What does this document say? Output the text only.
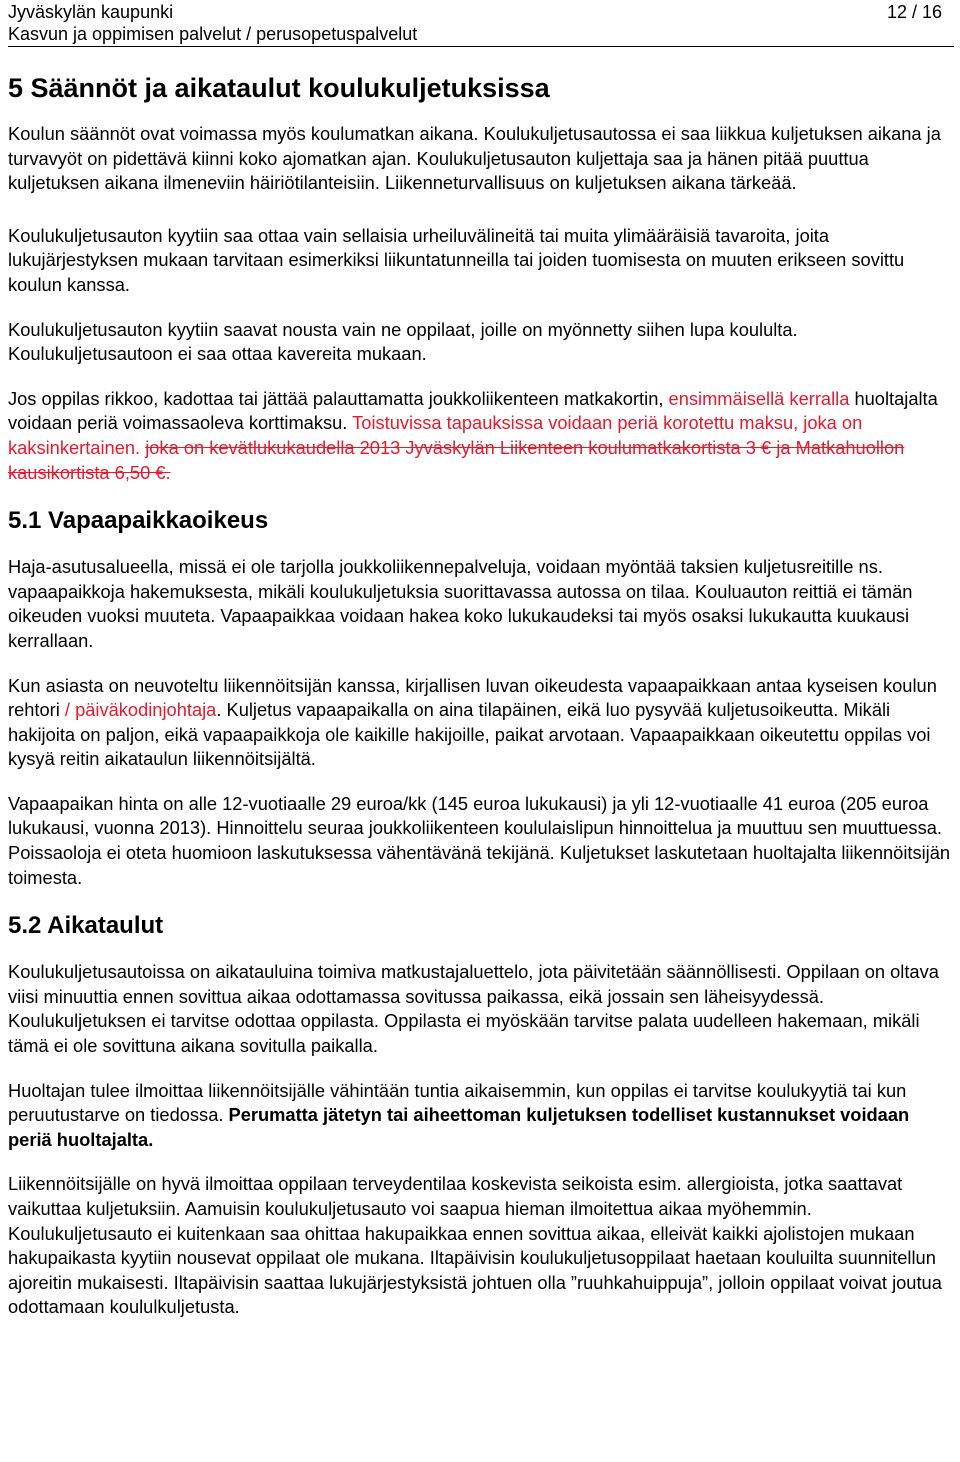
Jyväskylän kaupunki
Kasvun ja oppimisen palvelut / perusopetuspalvelut
12 / 16
5 Säännöt ja aikataulut koulukuljetuksissa

Koulun säännöt ovat voimassa myös koulumatkan aikana. Koulukuljetusautossa ei saa liikkua kuljetuksen aikana ja turvavyöt on pidettävä kiinni koko ajomatkan ajan. Koulukuljetusauton kuljettaja saa ja hänen pitää puuttua kuljetuksen aikana ilmeneviin häiriötilanteisiin. Liikenneturvallisuus on kuljetuksen aikana tärkeää.

Koulukuljetusauton kyytiin saa ottaa vain sellaisia urheiluvälineitä tai muita ylimääräisiä tavaroita, joita lukujärjestyksen mukaan tarvitaan esimerkiksi liikuntatunneilla tai joiden tuomisesta on muuten erikseen sovittu koulun kanssa.

Koulukuljetusauton kyytiin saavat nousta vain ne oppilaat, joille on myönnetty siihen lupa koululta. Koulukuljetusautoon ei saa ottaa kavereita mukaan.

Jos oppilas rikkoo, kadottaa tai jättää palauttamatta joukkoliikenteen matkakortin, ensimmäisellä kerralla huoltajalta voidaan periä voimassaoleva korttimaksu. Toistuvissa tapauksissa voidaan periä korotettu maksu, joka on kaksinkertainen. joka on kevätlukukaudella 2013 Jyväskylän Liikenteen koulumatkakortista 3 € ja Matkahuollon kausikortista 6,50 €.

5.1 Vapaapaikkaoikeus

Haja-asutusalueella, missä ei ole tarjolla joukkoliikennepalveluja, voidaan myöntää taksien kuljetusreitille ns. vapaapaikkoja hakemuksesta, mikäli koulukuljetuksia suorittavassa autossa on tilaa. Kouluauton reittiä ei tämän oikeuden vuoksi muuteta. Vapaapaikkaa voidaan hakea koko lukukaudeksi tai myös osaksi lukukautta kuukausi kerrallaan.

Kun asiasta on neuvoteltu liikennöitsijän kanssa, kirjallisen luvan oikeudesta vapaapaikkaan antaa kyseisen koulun rehtori / päiväkodinjohtaja. Kuljetus vapaapaikalla on aina tilapäinen, eikä luo pysyvää kuljetusoikeutta. Mikäli hakijoita on paljon, eikä vapaapaikkoja ole kaikille hakijoille, paikat arvotaan. Vapaapaikkaan oikeutettu oppilas voi kysyä reitin aikataulun liikennöitsijältä.

Vapaapaikan hinta on alle 12-vuotiaalle 29 euroa/kk (145 euroa lukukausi) ja yli 12-vuotiaalle 41 euroa (205 euroa lukukausi, vuonna 2013). Hinnoittelu seuraa joukkoliikenteen koululaislipun hinnoittelua ja muuttuu sen muuttuessa. Poissaoloja ei oteta huomioon laskutuksessa vähentävänä tekijänä. Kuljetukset laskutetaan huoltajalta liikennöitsijän toimesta.

5.2 Aikataulut

Koulukuljetusautoissa on aikatauluina toimiva matkustajaluettelo, jota päivitetään säännöllisesti. Oppilaan on oltava viisi minuuttia ennen sovittua aikaa odottamassa sovitussa paikassa, eikä jossain sen läheisyydessä. Koulukuljetuksen ei tarvitse odottaa oppilasta. Oppilasta ei myöskään tarvitse palata uudelleen hakemaan, mikäli tämä ei ole sovittuna aikana sovitulla paikalla.

Huoltajan tulee ilmoittaa liikennöitsijälle vähintään tuntia aikaisemmin, kun oppilas ei tarvitse koulukyytiä tai kun peruutustarve on tiedossa. Perumatta jätetyn tai aiheettoman kuljetuksen todelliset kustannukset voidaan periä huoltajalta.

Liikennöitsijälle on hyvä ilmoittaa oppilaan terveydentilaa koskevista seikoista esim. allergioista, jotka saattavat vaikuttaa kuljetuksiin. Aamuisin koulukuljetusauto voi saapua hieman ilmoitettua aikaa myöhemmin. Koulukuljetusauto ei kuitenkaan saa ohittaa hakupaikkaa ennen sovittua aikaa, elleivät kaikki ajolistojen mukaan hakupaikasta kyytiin nousevat oppilaat ole mukana. Iltapäivisin koulukuljetusoppilaat haetaan kouluilta suunnitellun ajoreitin mukaisesti. Iltapäivisin saattaa lukujärjestyksistä johtuen olla ”ruuhkahuippuja”, jolloin oppilaat voivat joutua odottamaan koululkuljetusta.
